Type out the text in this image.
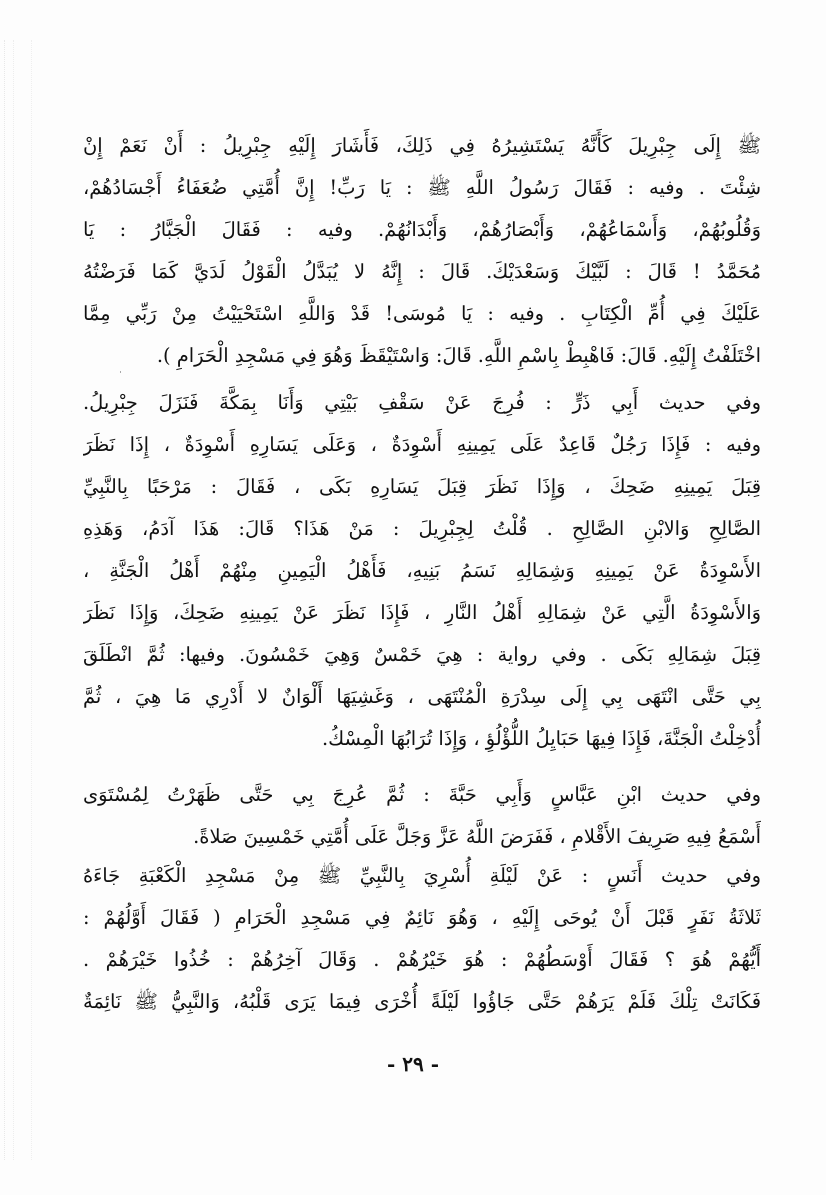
˙
ﷺ إِلَى جِبْرِيلَ كَأَنَّهُ يَسْتَشِيرُهُ فِي ذَلِكَ، فَأَشَارَ إِلَيْهِ جِبْرِيلُ : أَنْ نَعَمْ إِنْ
شِئْتَ . وفيه : فَقَالَ رَسُولُ اللَّهِ ﷺ : يَا رَبِّ! إِنَّ أُمَّتِي ضُعَفَاءُ أَجْسَادُهُمْ،
وَقُلُوبُهُمْ، وَأَسْمَاعُهُمْ، وَأَبْصَارُهُمْ، وَأَبْدَانُهُمْ. وفيه : فَقَالَ الْجَبَّارُ : يَا
مُحَمَّدُ ! قَالَ : لَبَّيْكَ وَسَعْدَيْكَ. قَالَ : إِنَّهُ لا يُبَدَّلُ الْقَوْلُ لَدَيَّ كَمَا فَرَضْتُهُ
عَلَيْكَ فِي أُمِّ الْكِتَابِ . وفيه : يَا مُوسَى! قَدْ وَاللَّهِ اسْتَحْيَيْتُ مِنْ رَبِّي مِمَّا
اخْتَلَفْتُ إِلَيْهِ. قَالَ: فَاهْبِطْ بِاسْمِ اللَّهِ. قَالَ: وَاسْتَيْقَظَ وَهُوَ فِي مَسْجِدِ الْحَرَامِ ).
وفي حديث أَبِي ذَرٍّ : فُرِجَ عَنْ سَقْفِ بَيْتِي وَأَنَا بِمَكَّةَ فَنَزَلَ جِبْرِيلُ.
وفيه : فَإِذَا رَجُلٌ قَاعِدٌ عَلَى يَمِينِهِ أَسْوِدَةٌ ، وَعَلَى يَسَارِهِ أَسْوِدَةٌ ، إِذَا نَظَرَ
قِبَلَ يَمِينِهِ ضَحِكَ ، وَإِذَا نَظَرَ قِبَلَ يَسَارِهِ بَكَى ، فَقَالَ : مَرْحَبًا بِالنَّبِيِّ
الصَّالِحِ وَالابْنِ الصَّالِحِ . قُلْتُ لِجِبْرِيلَ : مَنْ هَذَا؟ قَالَ: هَذَا آدَمُ، وَهَذِهِ
الأَسْوِدَةُ عَنْ يَمِينِهِ وَشِمَالِهِ نَسَمُ بَنِيهِ، فَأَهْلُ الْيَمِينِ مِنْهُمْ أَهْلُ الْجَنَّةِ ،
وَالأَسْوِدَةُ الَّتِي عَنْ شِمَالِهِ أَهْلُ النَّارِ ، فَإِذَا نَظَرَ عَنْ يَمِينِهِ ضَحِكَ، وَإِذَا نَظَرَ
قِبَلَ شِمَالِهِ بَكَى . وفي رواية : هِيَ خَمْسٌ وَهِيَ خَمْسُونَ. وفيها: ثُمَّ انْطَلَقَ
بِي حَتَّى انْتَهَى بِي إِلَى سِدْرَةِ الْمُنْتَهَى ، وَغَشِيَهَا أَلْوَانٌ لا أَدْرِي مَا هِيَ ، ثُمَّ
أُدْخِلْتُ الْجَنَّةَ، فَإِذَا فِيهَا حَبَايِلُ اللُّؤْلُؤِ ، وَإِذَا تُرَابُهَا الْمِسْكُ.
وفي حديث ابْنِ عَبَّاسٍ وَأَبِي حَبَّةَ : ثُمَّ عُرِجَ بِي حَتَّى ظَهَرْتُ لِمُسْتَوَى
أَسْمَعُ فِيهِ صَرِيفَ الأَقْلامِ ، فَفَرَضَ اللَّهُ عَزَّ وَجَلَّ عَلَى أُمَّتِي خَمْسِينَ صَلاةً.
وفي حديث أَنَسٍ : عَنْ لَيْلَةِ أُسْرِيَ بِالنَّبِيِّ ﷺ مِنْ مَسْجِدِ الْكَعْبَةِ جَاءَهُ
ثَلاثَةُ نَفَرٍ قَبْلَ أَنْ يُوحَى إِلَيْهِ ، وَهُوَ نَائِمٌ فِي مَسْجِدِ الْحَرَامِ ( فَقَالَ أَوَّلُهُمْ :
أَيُّهُمْ هُوَ ؟ فَقَالَ أَوْسَطُهُمْ : هُوَ خَيْرُهُمْ . وَقَالَ آخِرُهُمْ : خُذُوا خَيْرَهُمْ .
فَكَانَتْ تِلْكَ فَلَمْ يَرَهُمْ حَتَّى جَاؤُوا لَيْلَةً أُخْرَى فِيمَا يَرَى قَلْبُهُ، وَالنَّبِيُّ ﷺ نَائِمَةٌ
- ٢٩ -
